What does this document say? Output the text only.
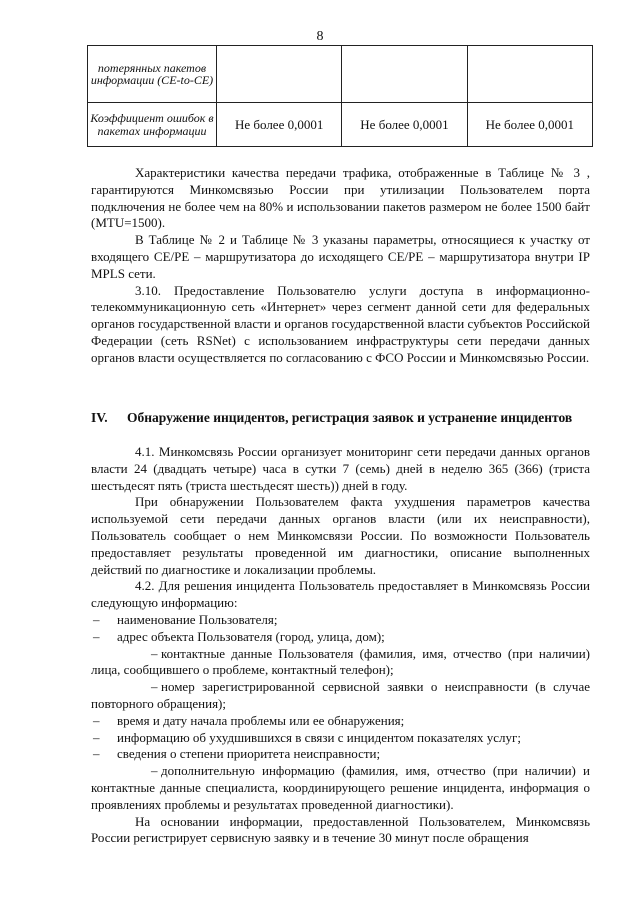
8
потерянных пакетов информации (CE-to-CE)			
Коэффициент ошибок в пакетах информации	Не более 0,0001	Не более 0,0001	Не более 0,0001

Характеристики качества передачи трафика, отображенные в Таблице № 3 , гарантируются Минкомсвязью России при утилизации Пользователем порта подключения не более чем на 80% и использовании пакетов размером не более 1500 байт (MTU=1500).

В Таблице № 2 и Таблице № 3 указаны параметры, относящиеся к участку от входящего CE/PE – маршрутизатора до исходящего CE/PE – маршрутизатора внутри IP MPLS сети.

3.10. Предоставление Пользователю услуги доступа в информационно-телекоммуникационную сеть «Интернет» через сегмент данной сети для федеральных органов государственной власти и органов государственной власти субъектов Российской Федерации (сеть RSNet) с использованием инфраструктуры сети передачи данных органов власти осуществляется по согласованию с ФСО России и Минкомсвязью России.

IV. Обнаружение инцидентов, регистрация заявок и устранение инцидентов

4.1. Минкомсвязь России организует мониторинг сети передачи данных органов власти 24 (двадцать четыре) часа в сутки 7 (семь) дней в неделю 365 (366) (триста шестьдесят пять (триста шестьдесят шесть)) дней в году.

При обнаружении Пользователем факта ухудшения параметров качества используемой сети передачи данных органов власти (или их неисправности), Пользователь сообщает о нем Минкомсвязи России. По возможности Пользователь предоставляет результаты проведенной им диагностики, описание выполненных действий по диагностике и локализации проблемы.

4.2. Для решения инцидента Пользователь предоставляет в Минкомсвязь России следующую информацию:

– наименование Пользователя;
– адрес объекта Пользователя (город, улица, дом);
– контактные данные Пользователя (фамилия, имя, отчество (при наличии) лица, сообщившего о проблеме, контактный телефон);
– номер зарегистрированной сервисной заявки о неисправности (в случае повторного обращения);
– время и дату начала проблемы или ее обнаружения;
– информацию об ухудшившихся в связи с инцидентом показателях услуг;
– сведения о степени приоритета неисправности;
– дополнительную информацию (фамилия, имя, отчество (при наличии) и контактные данные специалиста, координирующего решение инцидента, информация о проявлениях проблемы и результатах проведенной диагностики).

На основании информации, предоставленной Пользователем, Минкомсвязь России регистрирует сервисную заявку и в течение 30 минут после обращения
